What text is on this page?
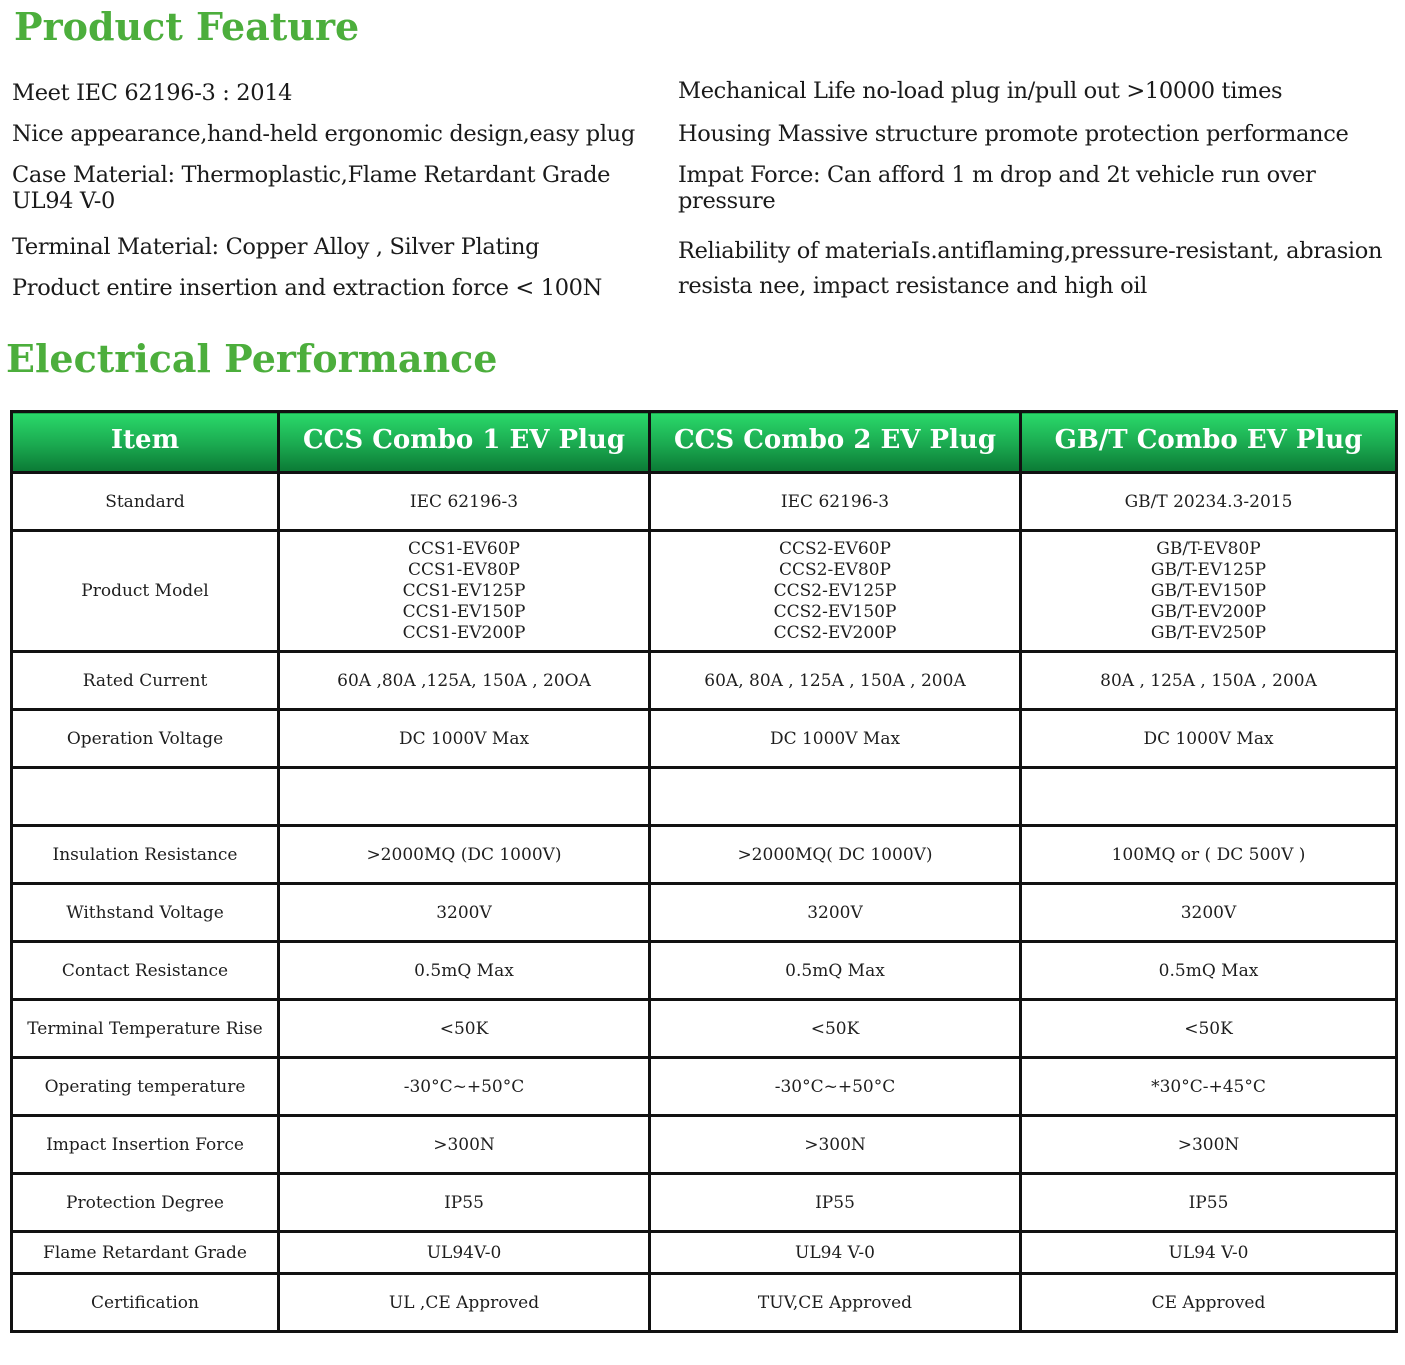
Product Feature

Meet IEC 62196-3 : 2014

Nice appearance,hand-held ergonomic design,easy plug

Case Material: Thermoplastic,Flame Retardant Grade UL94 V-0

Terminal Material: Copper Alloy , Silver Plating

Product entire insertion and extraction force < 100N

Mechanical Life no-load plug in/pull out >10000 times

Housing Massive structure promote protection performance

Impat Force: Can afford 1 m drop and 2t vehicle run over pressure

Reliability of materiaIs.antiflaming,pressure-resistant, abrasion resista nee, impact resistance and high oil

Electrical Performance
Item	CCS Combo 1 EV Plug	CCS Combo 2 EV Plug	GB/T Combo EV Plug
Standard	IEC 62196-3	IEC 62196-3	GB/T 20234.3-2015
Product Model	CCS1-EV60P
CCS1-EV80P
CCS1-EV125P
CCS1-EV150P
CCS1-EV200P	CCS2-EV60P
CCS2-EV80P
CCS2-EV125P
CCS2-EV150P
CCS2-EV200P	GB/T-EV80P
GB/T-EV125P
GB/T-EV150P
GB/T-EV200P
GB/T-EV250P

Rated Current	60A ,80A ,125A, 150A , 20OA	60A, 80A , 125A , 150A , 200A	80A , 125A , 150A , 200A
Operation Voltage	DC 1000V Max	DC 1000V Max	DC 1000V Max

Insulation Resistance	>2000MQ (DC 1000V)	>2000MQ( DC 1000V)	100MQ or ( DC 500V )
Withstand Voltage	3200V	3200V	3200V
Contact Resistance	0.5mQ Max	0.5mQ Max	0.5mQ Max
Terminal Temperature Rise	<50K	<50K	<50K
Operating temperature	-30°C~+50°C	-30°C~+50°C	*30°C-+45°C
Impact Insertion Force	>300N	>300N	>300N
Protection Degree	IP55	IP55	IP55
Flame Retardant Grade	UL94V-0	UL94 V-0	UL94 V-0
Certification	UL ,CE Approved	TUV,CE Approved	CE Approved
